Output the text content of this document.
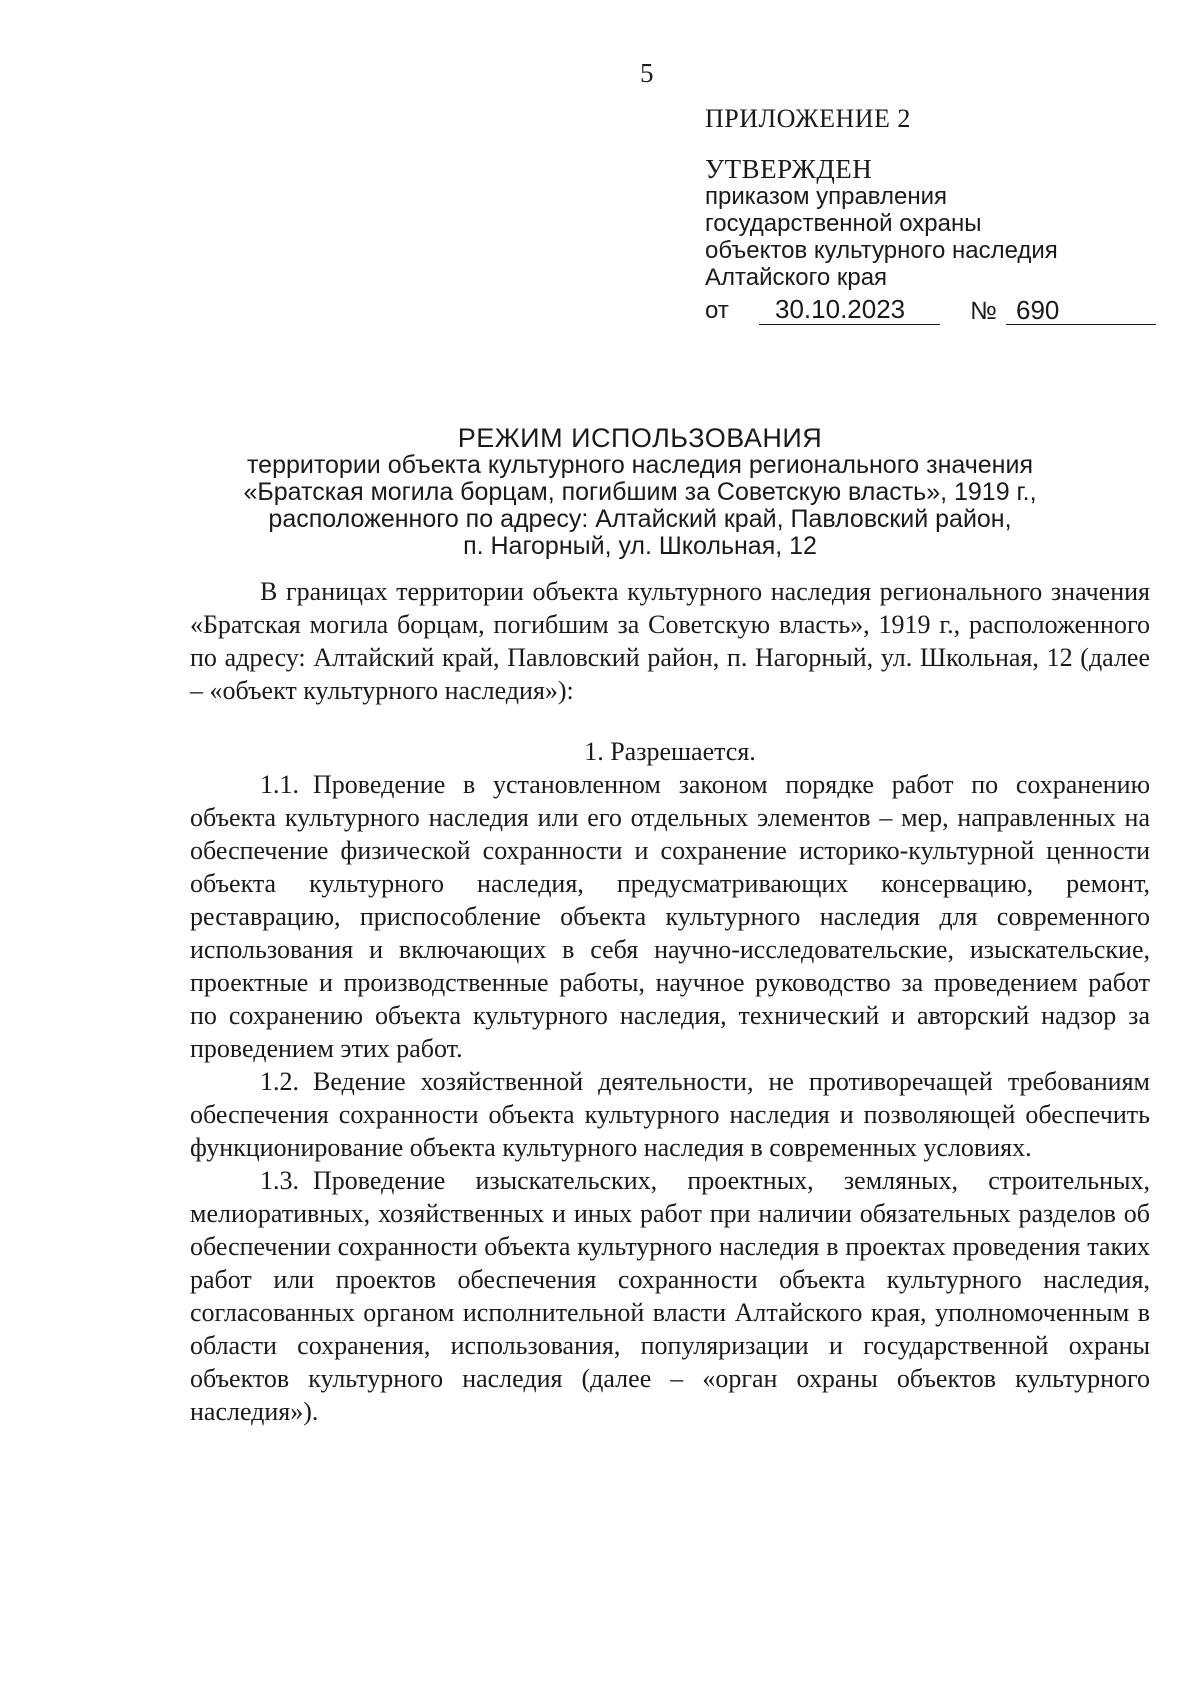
5

ПРИЛОЖЕНИЕ 2

УТВЕРЖДЕН

приказом управления

государственной охраны

объектов культурного наследия

Алтайского края

от	30.10.2023	№ 690

РЕЖИМ ИСПОЛЬЗОВАНИЯ

территории объекта культурного наследия регионального значения

«Братская могила борцам, погибшим за Советскую власть», 1919 г.,

расположенного по адресу: Алтайский край, Павловский район,

п. Нагорный, ул. Школьная, 12

В границах территории объекта культурного наследия регионального значения «Братская могила борцам, погибшим за Советскую власть», 1919 г., расположенного по адресу: Алтайский край, Павловский район, п. Нагорный, ул. Школьная, 12 (далее – «объект культурного наследия»):

1. Разрешается.

1.1. Проведение в установленном законом порядке работ по сохранению объекта культурного наследия или его отдельных элементов – мер, направленных на обеспечение физической сохранности и сохранение историко-культурной ценности объекта культурного наследия, предусматривающих консервацию, ремонт, реставрацию, приспособление объекта культурного наследия для современного использования и включающих в себя научно-исследовательские, изыскательские, проектные и производственные работы, научное руководство за проведением работ по сохранению объекта культурного наследия, технический и авторский надзор за проведением этих работ.

1.2. Ведение хозяйственной деятельности, не противоречащей требованиям обеспечения сохранности объекта культурного наследия и позволяющей обеспечить функционирование объекта культурного наследия в современных условиях.

1.3. Проведение изыскательских, проектных, земляных, строительных, мелиоративных, хозяйственных и иных работ при наличии обязательных разделов об обеспечении сохранности объекта культурного наследия в проектах проведения таких работ или проектов обеспечения сохранности объекта культурного наследия, согласованных органом исполнительной власти Алтайского края, уполномоченным в области сохранения, использования, популяризации и государственной охраны объектов культурного наследия (далее – «орган охраны объектов культурного наследия»).
